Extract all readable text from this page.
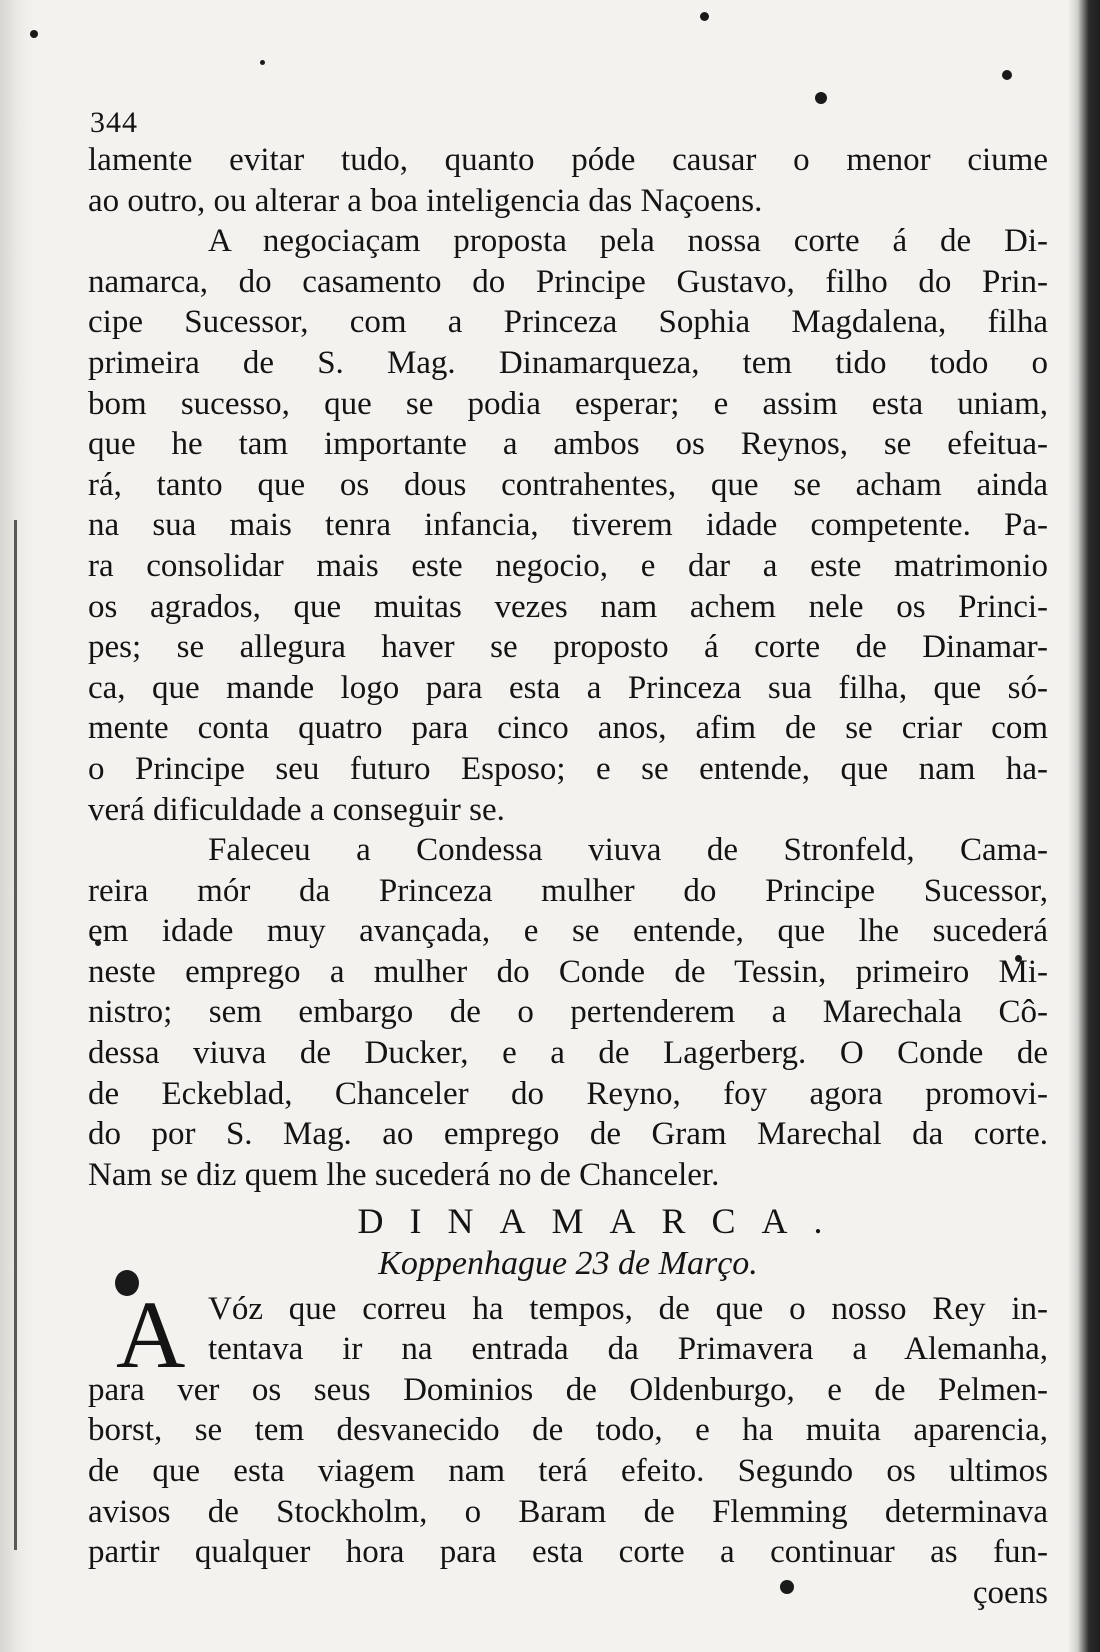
344
lamente evitar tudo, quanto póde causar o menor ciume
ao outro, ou alterar a boa inteligencia das Naçoens.
A negociaçam proposta pela nossa corte á de Di-
namarca, do casamento do Principe Gustavo, filho do Prin-
cipe Sucessor, com a Princeza Sophia Magdalena, filha
primeira de S. Mag. Dinamarqueza, tem tido todo o
bom sucesso, que se podia esperar; e assim esta uniam,
que he tam importante a ambos os Reynos, se efeitua-
rá, tanto que os dous contrahentes, que se acham ainda
na sua mais tenra infancia, tiverem idade competente. Pa-
ra consolidar mais este negocio, e dar a este matrimonio
os agrados, que muitas vezes nam achem nele os Princi-
pes; se allegura haver se proposto á corte de Dinamar-
ca, que mande logo para esta a Princeza sua filha, que só-
mente conta quatro para cinco anos, afim de se criar com
o Principe seu futuro Esposo; e se entende, que nam ha-
verá dificuldade a conseguir se.
Faleceu a Condessa viuva de Stronfeld, Cama-
reira mór da Princeza mulher do Principe Sucessor,
em idade muy avançada, e se entende, que lhe sucederá
neste emprego a mulher do Conde de Tessin, primeiro Mi-
nistro; sem embargo de o pertenderem a Marechala Cô-
dessa viuva de Ducker, e a de Lagerberg. O Conde de
de Eckeblad, Chanceler do Reyno, foy agora promovi-
do por S. Mag. ao emprego de Gram Marechal da corte.
Nam se diz quem lhe sucederá no de Chanceler.
DINAMARCA.
Koppenhague 23 de Março.
A Vóz que correu ha tempos, de que o nosso Rey in-
tentava ir na entrada da Primavera a Alemanha,
para ver os seus Dominios de Oldenburgo, e de Pelmen-
borst, se tem desvanecido de todo, e ha muita aparencia,
de que esta viagem nam terá efeito. Segundo os ultimos
avisos de Stockholm, o Baram de Flemming determinava
partir qualquer hora para esta corte a continuar as fun-
çoens
